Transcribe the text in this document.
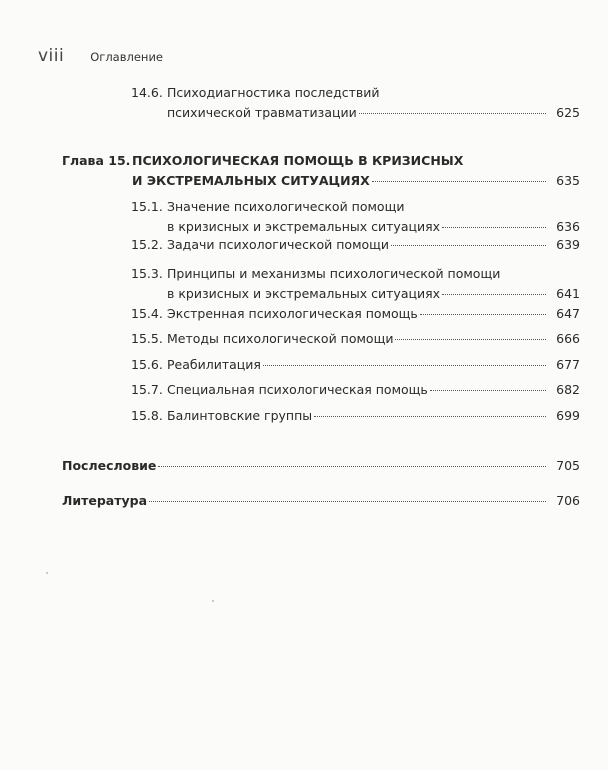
viii Оглавление
14.6. Психодиагностика последствий
психической травматизации	625
Глава 15. ПСИХОЛОГИЧЕСКАЯ ПОМОЩЬ В КРИЗИСНЫХ
И ЭКСТРЕМАЛЬНЫХ СИТУАЦИЯХ	635
15.1. Значение психологической помощи
в кризисных и экстремальных ситуациях	636
15.2. Задачи психологической помощи	639
15.3. Принципы и механизмы психологической помощи
в кризисных и экстремальных ситуациях	641
15.4. Экстренная психологическая помощь	647
15.5. Методы психологической помощи	666
15.6. Реабилитация	677
15.7. Специальная психологическая помощь	682
15.8. Балинтовские группы	699
Послесловие	705
Литература	706
